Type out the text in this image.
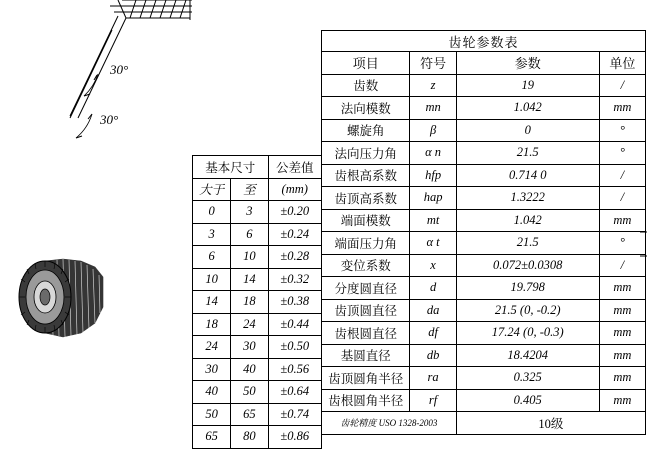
30°
30°
基本尺寸		公差值
大于	至	(mm)
0	3	±0.20
3	6	±0.24
6	10	±0.28
10	14	±0.32
14	18	±0.38
18	24	±0.44
24	30	±0.50
30	40	±0.56
40	50	±0.64
50	65	±0.74
65	80	±0.86
齿轮参数表			
项目	符号	参数	单位
齿数	z	19	/
法向模数	mn	1.042	mm
螺旋角	β	0	°
法向压力角	α n	21.5	°
齿根高系数	hfp	0.714 0	/
齿顶高系数	hap	1.3222	/
端面模数	mt	1.042	mm
端面压力角	α t	21.5	°
变位系数	x	0.072±0.0308	/
分度圆直径	d	19.798	mm
齿顶圆直径	da	21.5 (0, -0.2)	mm
齿根圆直径	df	17.24 (0, -0.3)	mm
基圆直径	db	18.4204	mm
齿顶圆角半径	ra	0.325	mm
齿根圆角半径	rf	0.405	mm
齿轮精度 USO 1328-2003		10级	
